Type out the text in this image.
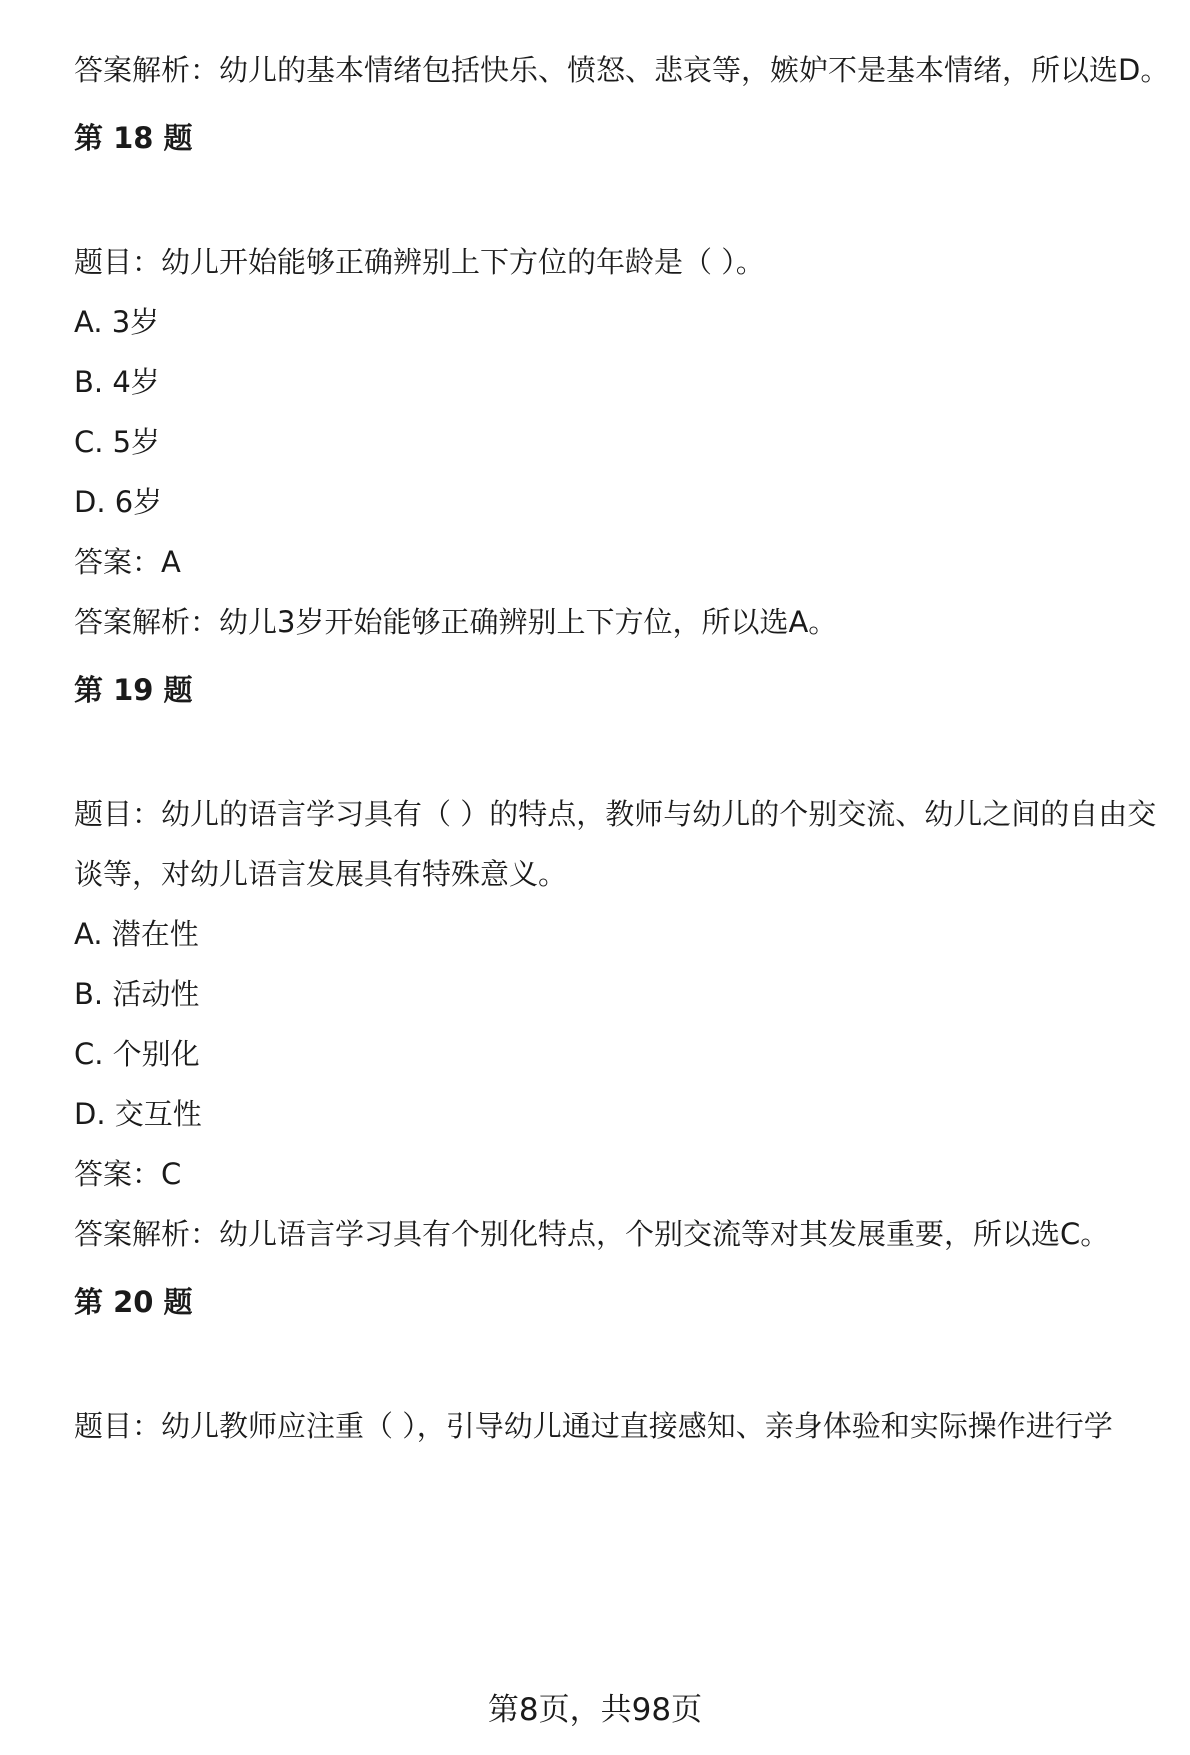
答案解析：幼儿的基本情绪包括快乐、愤怒、悲哀等，嫉妒不是基本情绪，所以选D。
第 18 题
题目：幼儿开始能够正确辨别上下方位的年龄是（ ）。
A. 3岁
B. 4岁
C. 5岁
D. 6岁
答案：A
答案解析：幼儿3岁开始能够正确辨别上下方位，所以选A。
第 19 题
题目：幼儿的语言学习具有（ ）的特点，教师与幼儿的个别交流、幼儿之间的自由交谈等，对幼儿语言发展具有特殊意义。
A. 潜在性
B. 活动性
C. 个别化
D. 交互性
答案：C
答案解析：幼儿语言学习具有个别化特点，个别交流等对其发展重要，所以选C。
第 20 题
题目：幼儿教师应注重（ ），引导幼儿通过直接感知、亲身体验和实际操作进行学
第8页，共98页
